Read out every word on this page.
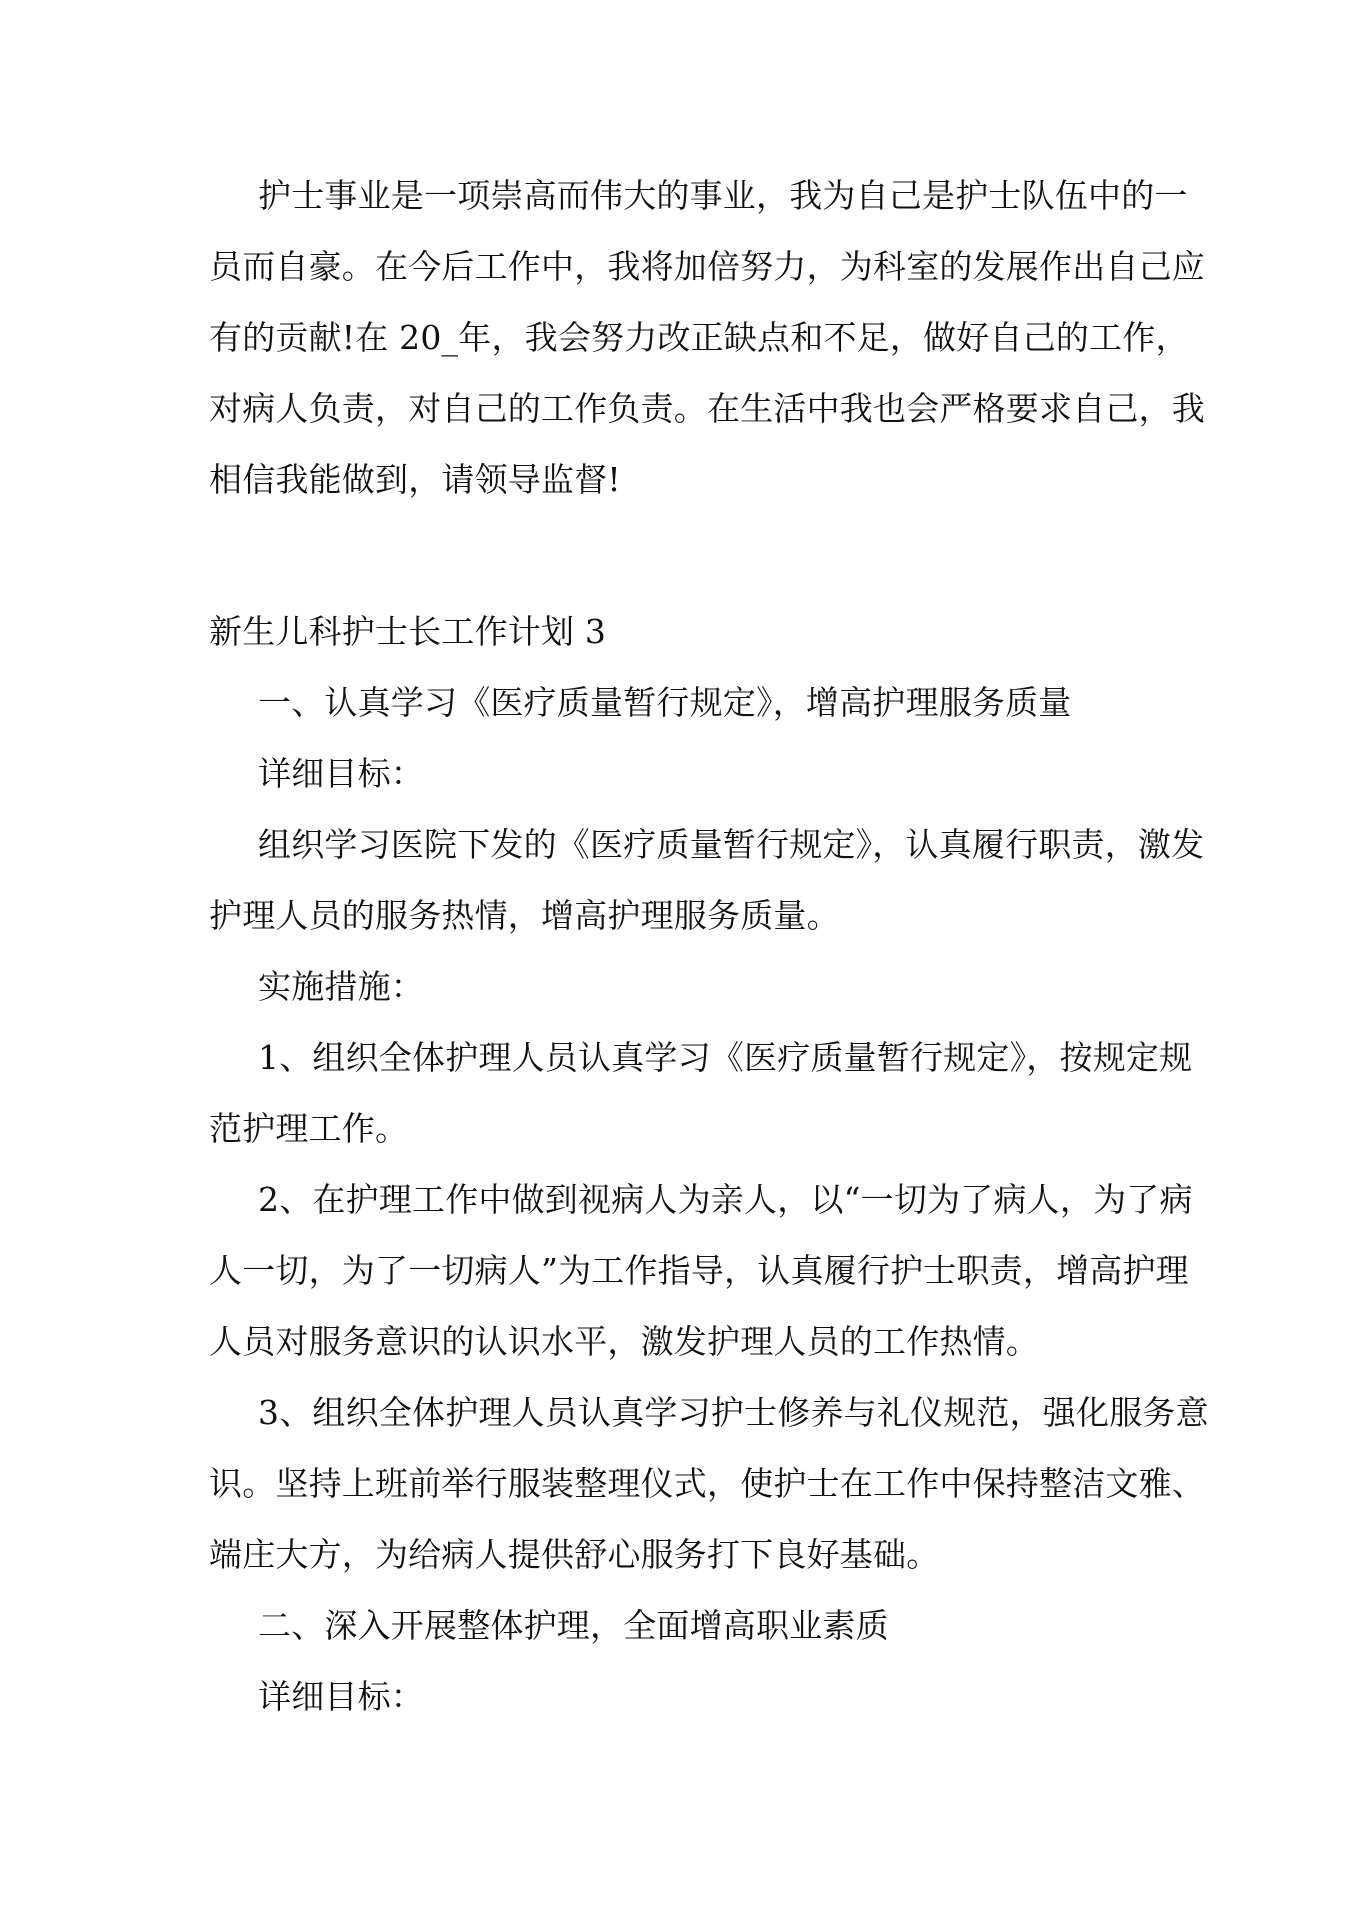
护士事业是一项崇高而伟大的事业，我为自己是护士队伍中的一
员而自豪。在今后工作中，我将加倍努力，为科室的发展作出自己应
有的贡献!在 20_年，我会努力改正缺点和不足，做好自己的工作，
对病人负责，对自己的工作负责。在生活中我也会严格要求自己，我
相信我能做到，请领导监督!
新生儿科护士长工作计划 3
一、认真学习《医疗质量暂行规定》，增高护理服务质量
详细目标：
组织学习医院下发的《医疗质量暂行规定》，认真履行职责，激发
护理人员的服务热情，增高护理服务质量。
实施措施：
1、组织全体护理人员认真学习《医疗质量暂行规定》，按规定规
范护理工作。
2、在护理工作中做到视病人为亲人，以“一切为了病人，为了病
人一切，为了一切病人”为工作指导，认真履行护士职责，增高护理
人员对服务意识的认识水平，激发护理人员的工作热情。
3、组织全体护理人员认真学习护士修养与礼仪规范，强化服务意
识。坚持上班前举行服装整理仪式，使护士在工作中保持整洁文雅、
端庄大方，为给病人提供舒心服务打下良好基础。
二、深入开展整体护理，全面增高职业素质
详细目标：
